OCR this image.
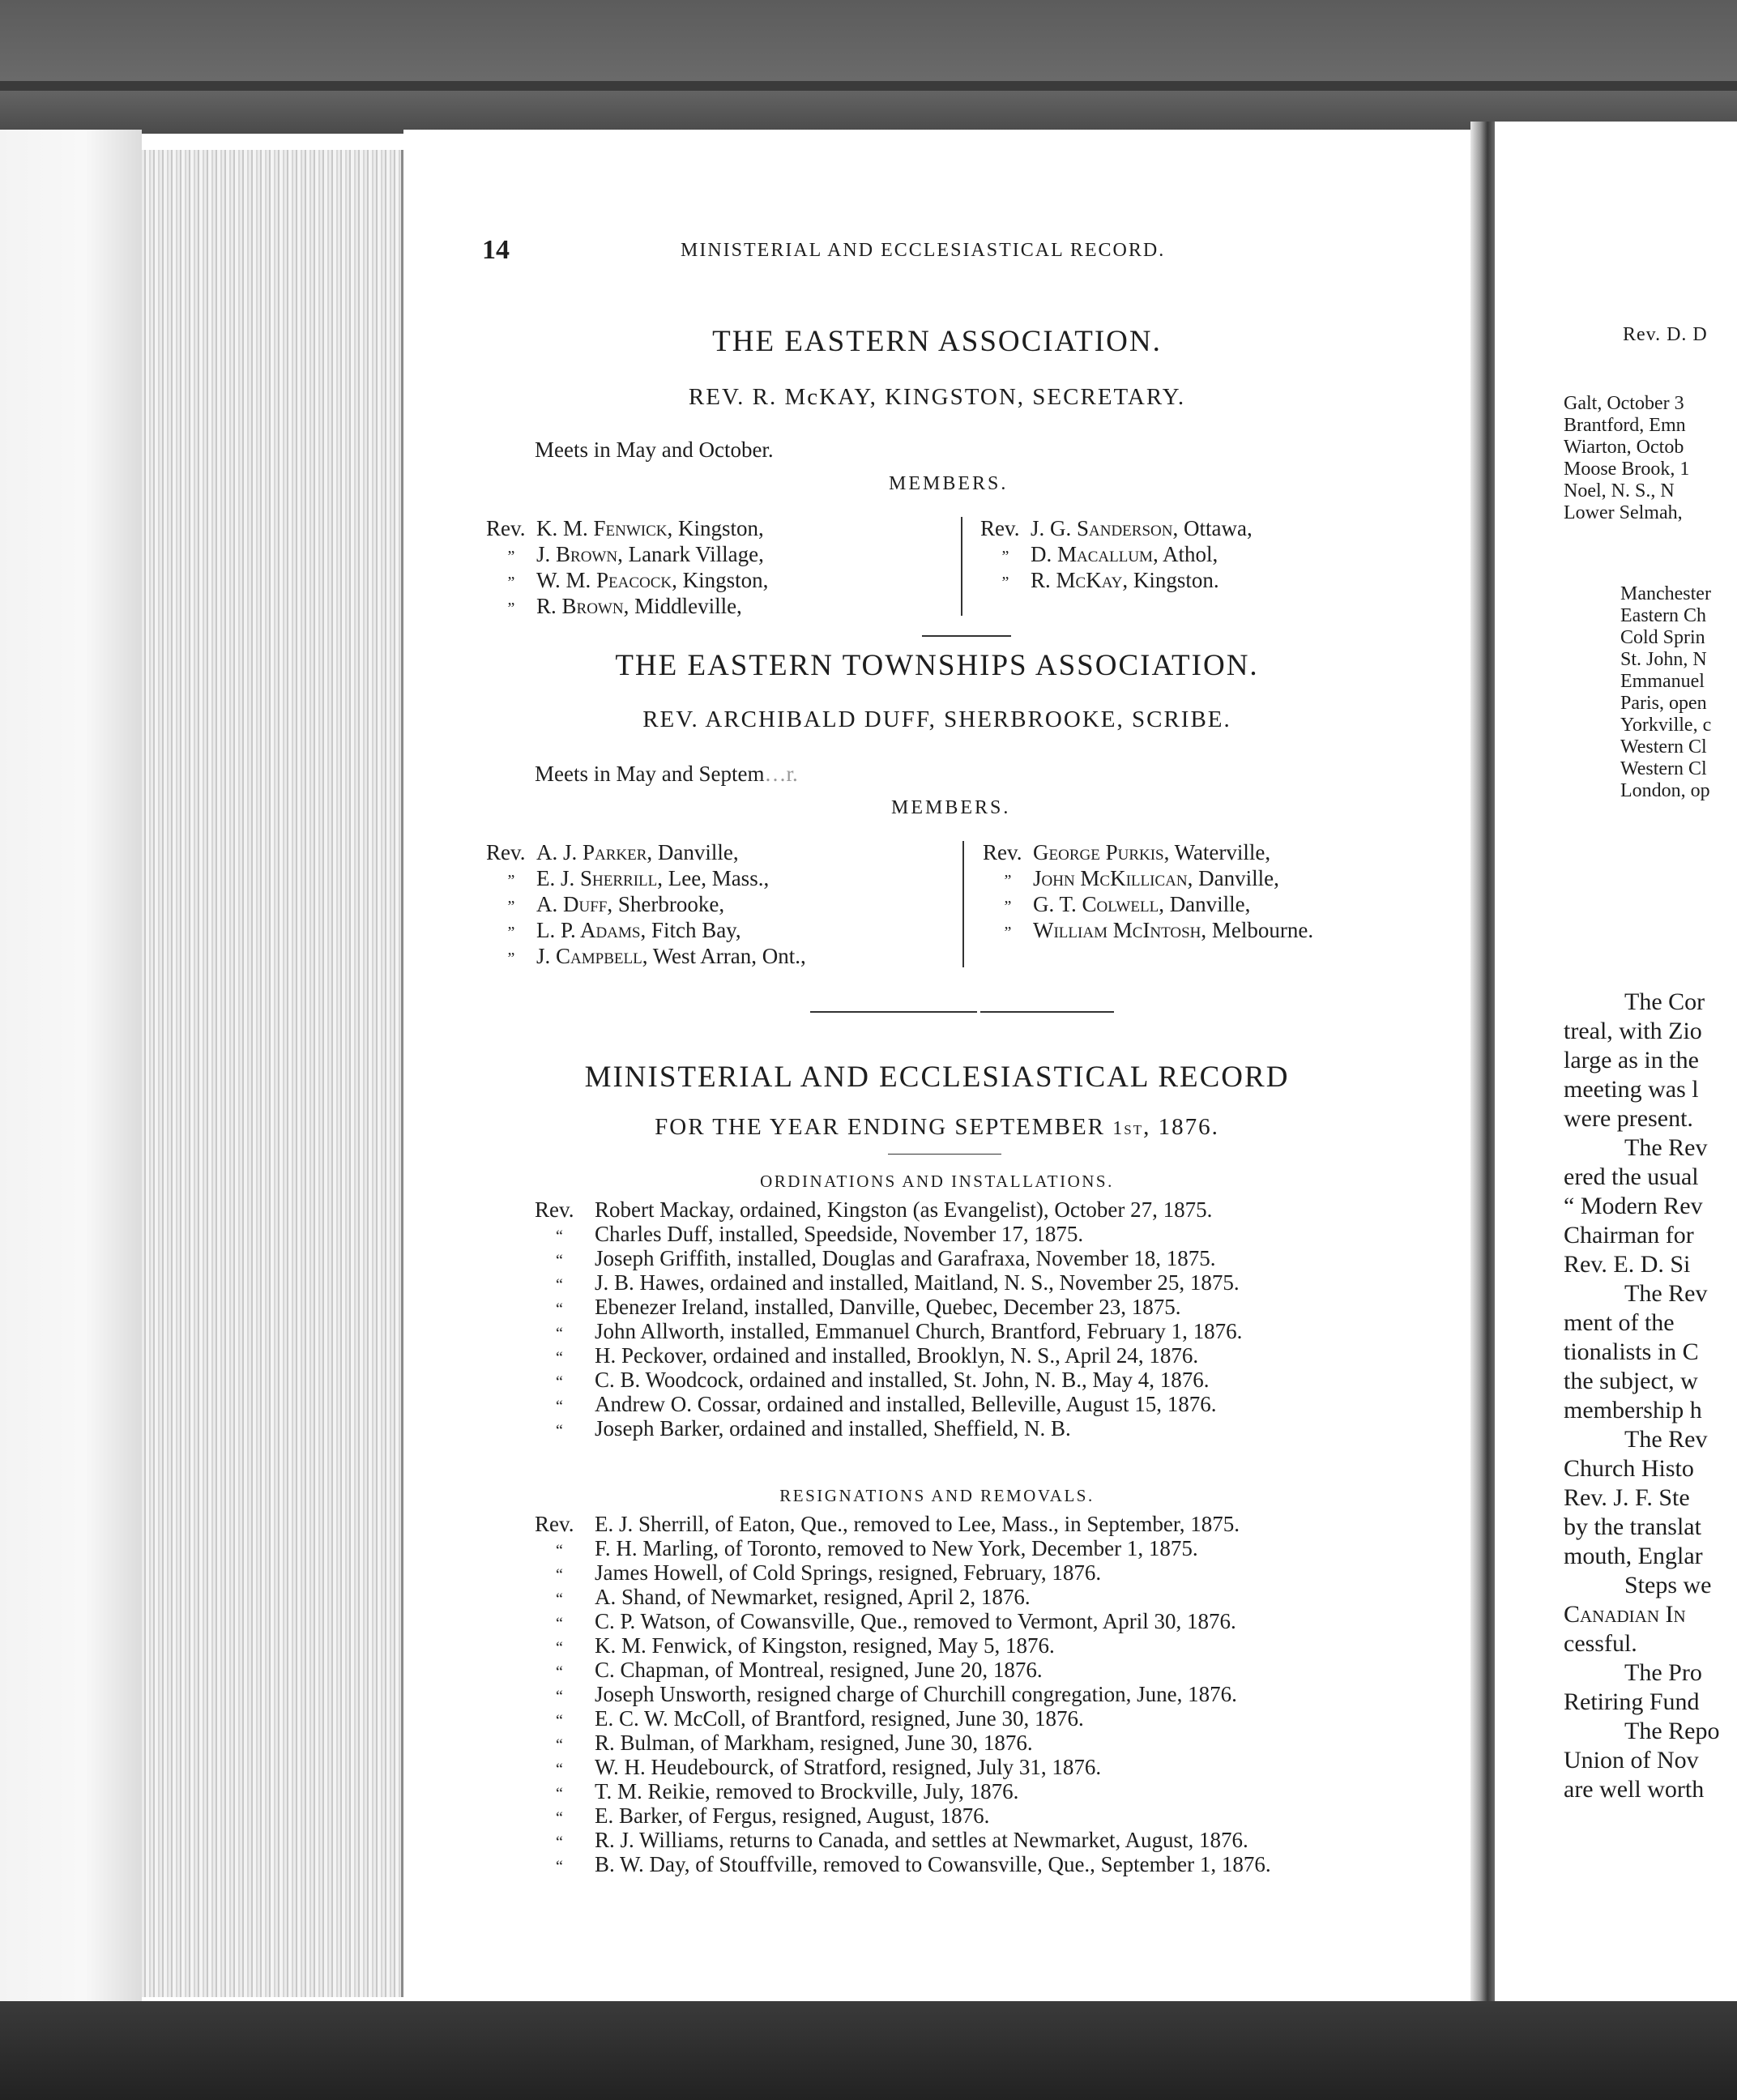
14	MINISTERIAL AND ECCLESIASTICAL RECORD.
THE EASTERN ASSOCIATION.
REV. R. McKAY, KINGSTON, SECRETARY.
Meets in May and October.
MEMBERS.
Rev. K. M. Fenwick, Kingston,
” J. Brown, Lanark Village,
” W. M. Peacock, Kingston,
” R. Brown, Middleville,
Rev. J. G. Sanderson, Ottawa,
” D. Macallum, Athol,
” R. McKay, Kingston.
THE EASTERN TOWNSHIPS ASSOCIATION.
REV. ARCHIBALD DUFF, SHERBROOKE, SCRIBE.
Meets in May and Septem…r.
MEMBERS.
Rev. A. J. Parker, Danville,
” E. J. Sherrill, Lee, Mass.,
” A. Duff, Sherbrooke,
” L. P. Adams, Fitch Bay,
” J. Campbell, West Arran, Ont.,
Rev. George Purkis, Waterville,
” John McKillican, Danville,
” G. T. Colwell, Danville,
” William McIntosh, Melbourne.
MINISTERIAL AND ECCLESIASTICAL RECORD
FOR THE YEAR ENDING SEPTEMBER 1st, 1876.
ORDINATIONS AND INSTALLATIONS.
Rev. Robert Mackay, ordained, Kingston (as Evangelist), October 27, 1875.
“ Charles Duff, installed, Speedside, November 17, 1875.
“ Joseph Griffith, installed, Douglas and Garafraxa, November 18, 1875.
“ J. B. Hawes, ordained and installed, Maitland, N. S., November 25, 1875.
“ Ebenezer Ireland, installed, Danville, Quebec, December 23, 1875.
“ John Allworth, installed, Emmanuel Church, Brantford, February 1, 1876.
“ H. Peckover, ordained and installed, Brooklyn, N. S., April 24, 1876.
“ C. B. Woodcock, ordained and installed, St. John, N. B., May 4, 1876.
“ Andrew O. Cossar, ordained and installed, Belleville, August 15, 1876.
“ Joseph Barker, ordained and installed, Sheffield, N. B.
RESIGNATIONS AND REMOVALS.
Rev. E. J. Sherrill, of Eaton, Que., removed to Lee, Mass., in September, 1875.
“ F. H. Marling, of Toronto, removed to New York, December 1, 1875.
“ James Howell, of Cold Springs, resigned, February, 1876.
“ A. Shand, of Newmarket, resigned, April 2, 1876.
“ C. P. Watson, of Cowansville, Que., removed to Vermont, April 30, 1876.
“ K. M. Fenwick, of Kingston, resigned, May 5, 1876.
“ C. Chapman, of Montreal, resigned, June 20, 1876.
“ Joseph Unsworth, resigned charge of Churchill congregation, June, 1876.
“ E. C. W. McColl, of Brantford, resigned, June 30, 1876.
“ R. Bulman, of Markham, resigned, June 30, 1876.
“ W. H. Heudebourck, of Stratford, resigned, July 31, 1876.
“ T. M. Reikie, removed to Brockville, July, 1876.
“ E. Barker, of Fergus, resigned, August, 1876.
“ R. J. Williams, returns to Canada, and settles at Newmarket, August, 1876.
“ B. W. Day, of Stouffville, removed to Cowansville, Que., September 1, 1876.
Rev. D. D
Galt, October 3
Brantford, Emn
Wiarton, Octob
Moose Brook, 1
Noel, N. S., N
Lower Selmah,
Manchester
Eastern Ch
Cold Sprin
St. John, N
Emmanuel
Paris, open
Yorkville, c
Western Cl
Western Cl
London, op
The Cor
treal, with Zio
large as in the
meeting was l
were present.
The Rev
ered the usual
“ Modern Rev
Chairman for
Rev. E. D. Si
The Rev
ment of the
tionalists in C
the subject, w
membership h
The Rev
Church Histo
Rev. J. F. Ste
by the translat
mouth, Englar
Steps we
Canadian In
cessful.
The Pro
Retiring Fund
The Repo
Union of Nov
are well worth
